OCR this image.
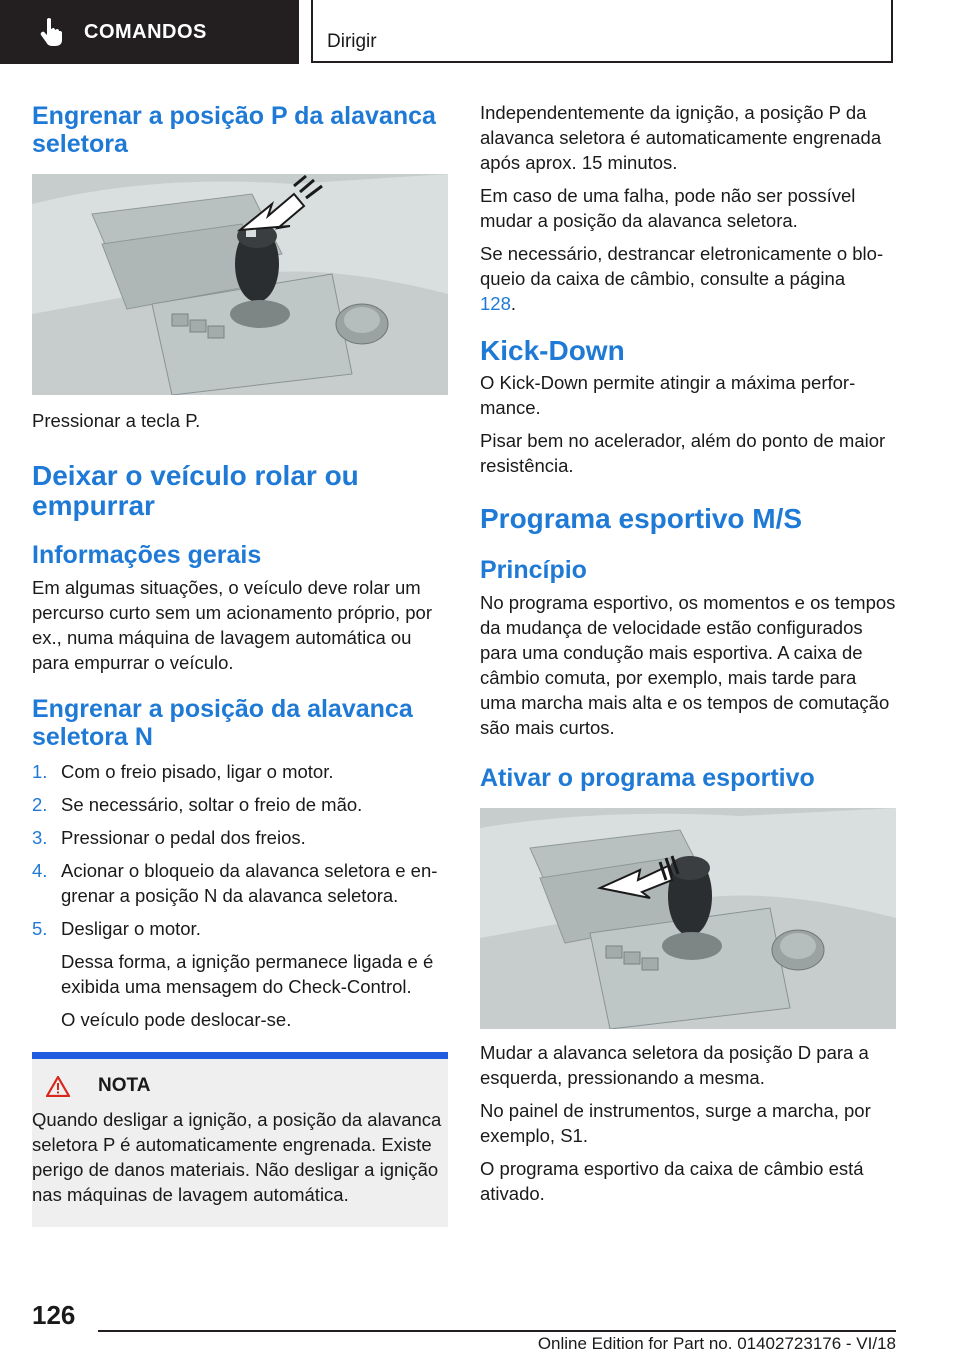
COMANDOS	Dirigir
Engrenar a posição P da alavanca seletora

Pressionar a tecla P.

Deixar o veículo rolar ou empurrar
Informações gerais

Em algumas situações, o veículo deve rolar um percurso curto sem um acionamento próprio, por ex., numa máquina de lavagem automática ou para empurrar o veículo.

Engrenar a posição da alavanca seletora N
1. Com o freio pisado, ligar o motor.
2. Se necessário, soltar o freio de mão.
3. Pressionar o pedal dos freios.
4. Acionar o bloqueio da alavanca seletora e engrenar a posição N da alavanca seletora.
5. Desligar o motor.

Dessa forma, a ignição permanece ligada e é exibida uma mensagem do Check-Control.

O veículo pode deslocar-se.

NOTA

Quando desligar a ignição, a posição da alavanca seletora P é automaticamente engrenada. Existe perigo de danos materiais. Não desligar a ignição nas máquinas de lavagem automática.

Independentemente da ignição, a posição P da alavanca seletora é automaticamente engrenada após aprox. 15 minutos.

Em caso de uma falha, pode não ser possível mudar a posição da alavanca seletora.

Se necessário, destrancar eletronicamente o bloqueio da caixa de câmbio, consulte a página
128.

Kick-Down

O Kick-Down permite atingir a máxima performance.

Pisar bem no acelerador, além do ponto de maior resistência.

Programa esportivo M/S
Princípio

No programa esportivo, os momentos e os tempos da mudança de velocidade estão configurados para uma condução mais esportiva. A caixa de câmbio comuta, por exemplo, mais tarde para uma marcha mais alta e os tempos de comutação são mais curtos.

Ativar o programa esportivo

Mudar a alavanca seletora da posição D para a esquerda, pressionando a mesma.

No painel de instrumentos, surge a marcha, por exemplo, S1.

O programa esportivo da caixa de câmbio está ativado.

126
Online Edition for Part no. 01402723176 - VI/18
